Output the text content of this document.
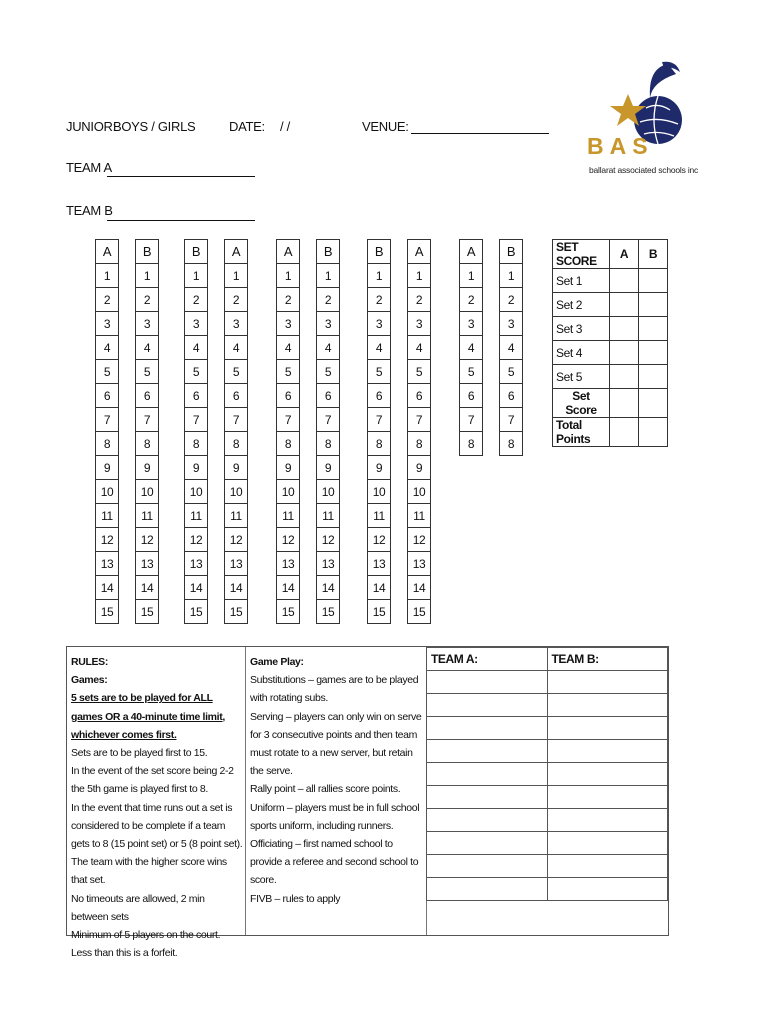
JUNIOR:
BOYS / GIRLS	DATE: / /	VENUE:
TEAM A
TEAM B
BAS
ballarat associated schools inc
A		B
1		1
2		2
3		3
4		4
5		5
6		6
7		7
8		8
9		9
10		10
11		11
12		12
13		13
14		14
15		15
B		A
1		1
2		2
3		3
4		4
5		5
6		6
7		7
8		8
9		9
10		10
11		11
12		12
13		13
14		14
15		15
A		B
1		1
2		2
3		3
4		4
5		5
6		6
7		7
8		8
9		9
10		10
11		11
12		12
13		13
14		14
15		15
B		A
1		1
2		2
3		3
4		4
5		5
6		6
7		7
8		8
9		9
10		10
11		11
12		12
13		13
14		14
15		15
A		B
1		1
2		2
3		3
4		4
5		5
6		6
7		7
8		8
SET SCORE	A	B
Set 1		
Set 2		
Set 3		
Set 4		
Set 5		
Set Score		
Total Points		
RULES:
Games:
5 sets are to be played for ALL games OR a 40-minute time limit, whichever comes first.
Sets are to be played first to 15.
In the event of the set score being 2-2 the 5th game is played first to 8.
In the event that time runs out a set is considered to be complete if a team gets to 8 (15 point set) or 5 (8 point set). The team with the higher score wins that set.
No timeouts are allowed, 2 min between sets
Minimum of 5 players on the court. Less than this is a forfeit.
Game Play:
Substitutions – games are to be played with rotating subs.
Serving – players can only win on serve for 3 consecutive points and then team must rotate to a new server, but retain the serve.
Rally point – all rallies score points.
Uniform – players must be in full school sports uniform, including runners.
Officiating – first named school to provide a referee and second school to score.
FIVB – rules to apply
TEAM A:	TEAM B:
